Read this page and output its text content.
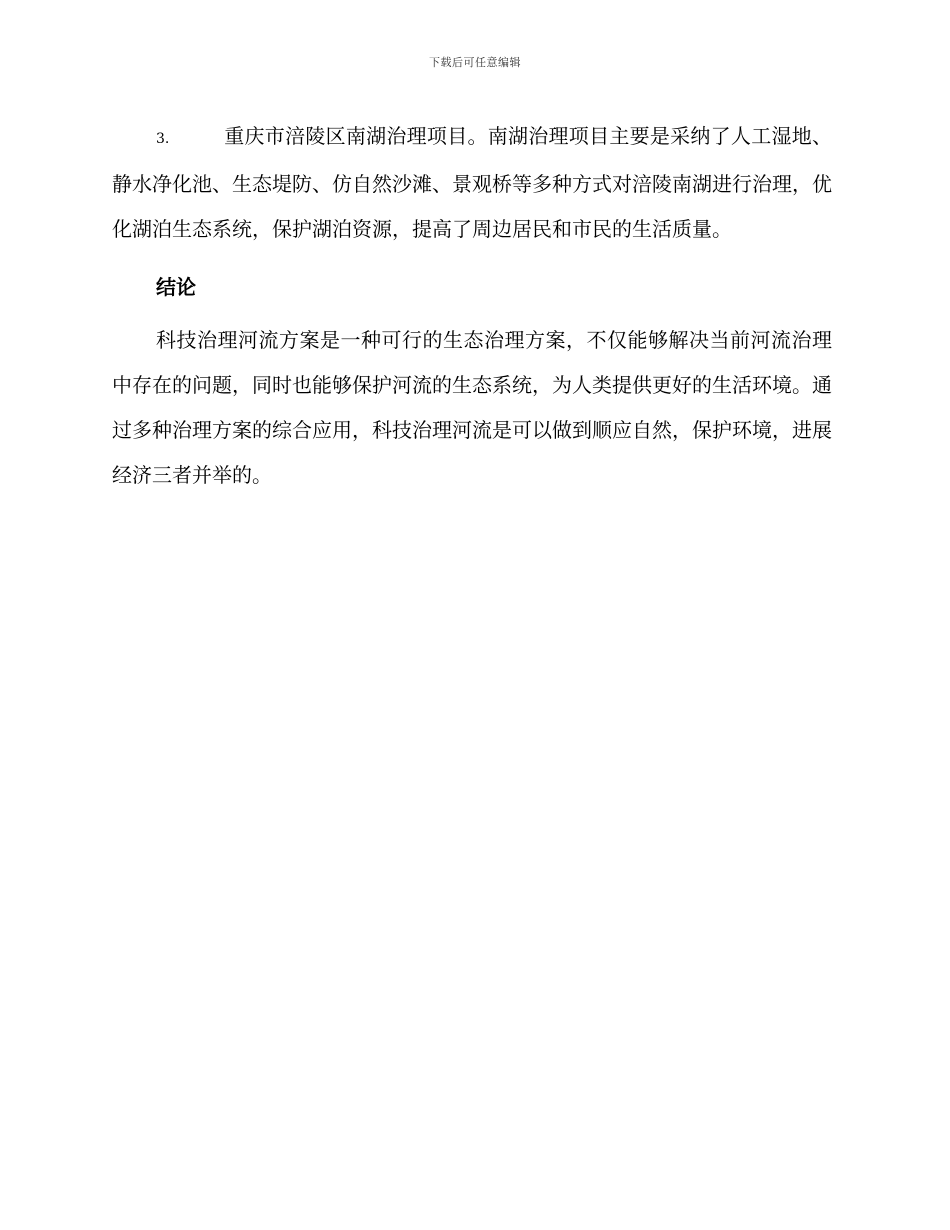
下载后可任意编辑

3.	重庆市涪陵区南湖治理项目。南湖治理项目主要是采纳了人工湿地、静水净化池、生态堤防、仿自然沙滩、景观桥等多种方式对涪陵南湖进行治理，优化湖泊生态系统，保护湖泊资源，提高了周边居民和市民的生活质量。

结论

科技治理河流方案是一种可行的生态治理方案，不仅能够解决当前河流治理中存在的问题，同时也能够保护河流的生态系统，为人类提供更好的生活环境。通过多种治理方案的综合应用，科技治理河流是可以做到顺应自然，保护环境，进展经济三者并举的。
